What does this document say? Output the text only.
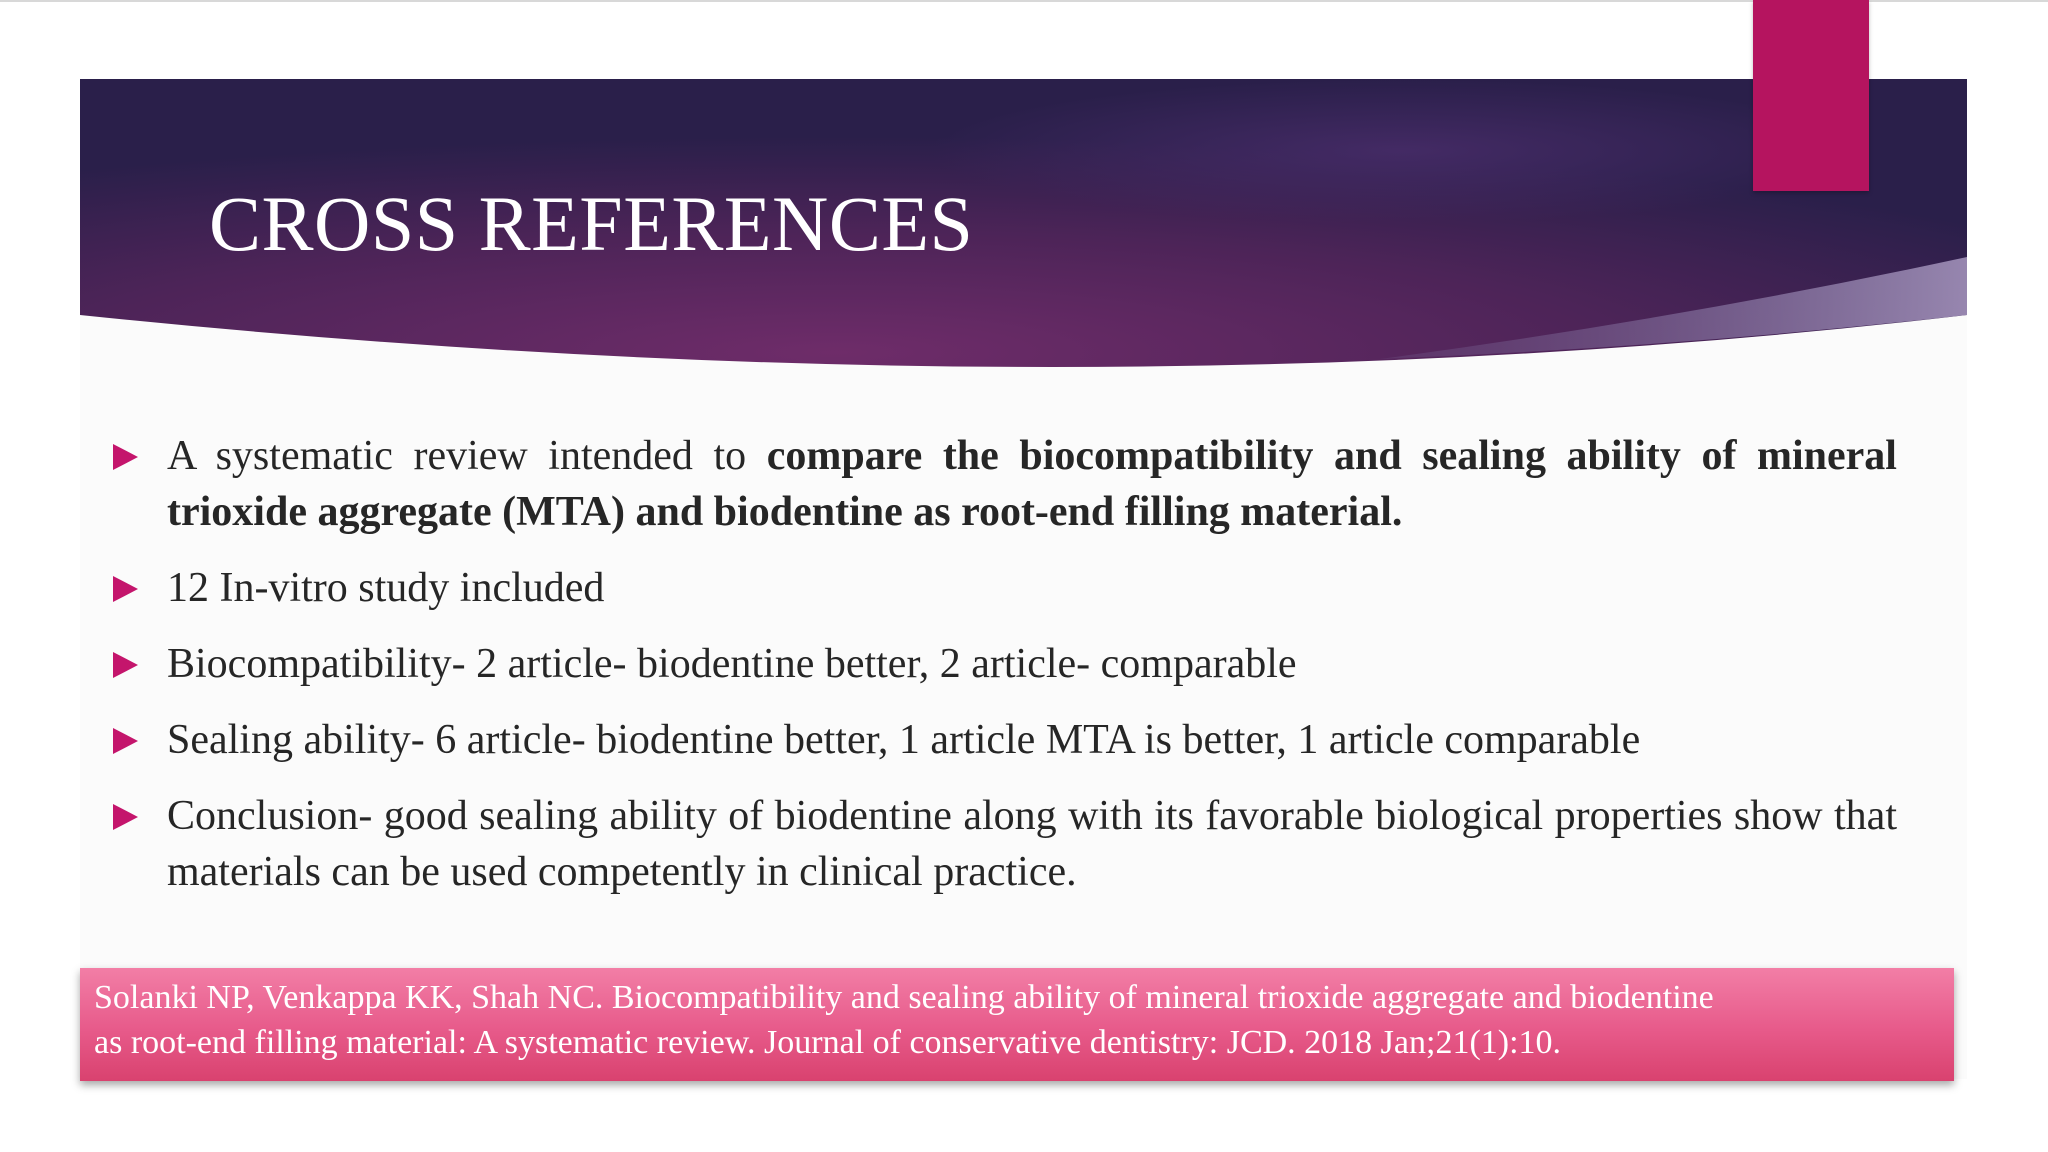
CROSS REFERENCES
A systematic review intended to compare the biocompatibility and sealing ability of mineral trioxide aggregate (MTA) and biodentine as root-end filling material.
12 In-vitro study included
Biocompatibility- 2 article- biodentine better, 2 article- comparable
Sealing ability- 6 article- biodentine better, 1 article MTA is better, 1 article comparable
Conclusion- good sealing ability of biodentine along with its favorable biological properties show that materials can be used competently in clinical practice.
Solanki NP, Venkappa KK, Shah NC. Biocompatibility and sealing ability of mineral trioxide aggregate and biodentine
as root-end filling material: A systematic review. Journal of conservative dentistry: JCD. 2018 Jan;21(1):10.
